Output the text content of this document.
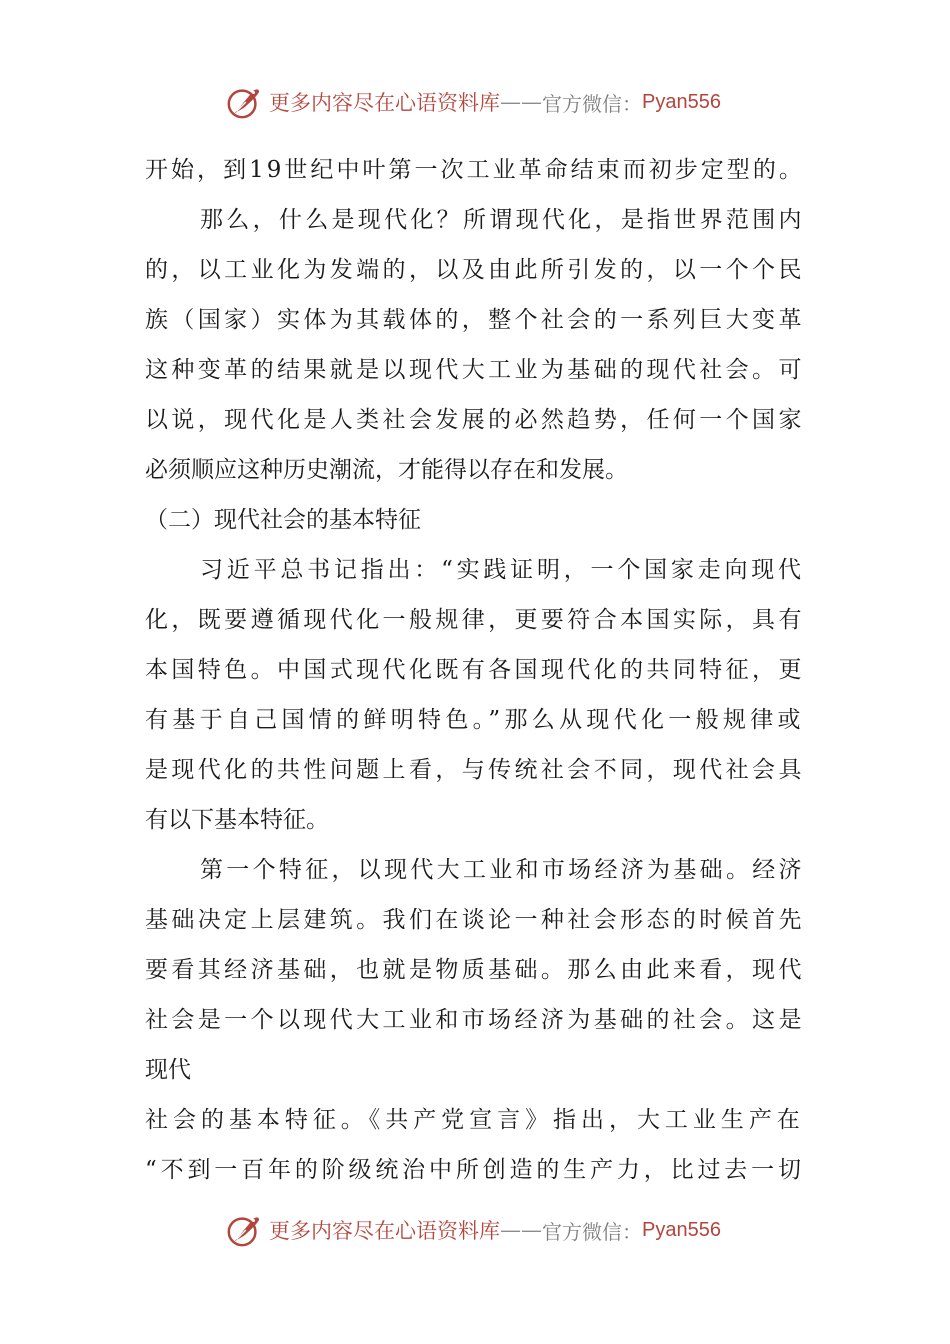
更多内容尽在心语资料库 —— 官方微信： Pyan556
开始，到19世纪中叶第一次工业革命结束而初步定型的。
那么，什么是现代化？所谓现代化，是指世界范围内
的，以工业化为发端的，以及由此所引发的，以一个个民
族（国家）实体为其载体的，整个社会的一系列巨大变革
这种变革的结果就是以现代大工业为基础的现代社会。可
以说，现代化是人类社会发展的必然趋势，任何一个国家
必须顺应这种历史潮流，才能得以存在和发展。
（二）现代社会的基本特征
习近平总书记指出：“实践证明，一个国家走向现代
化，既要遵循现代化一般规律，更要符合本国实际，具有
本国特色。中国式现代化既有各国现代化的共同特征，更
有基于自己国情的鲜明特色。”那么从现代化一般规律或
是现代化的共性问题上看，与传统社会不同，现代社会具
有以下基本特征。
第一个特征，以现代大工业和市场经济为基础。经济
基础决定上层建筑。我们在谈论一种社会形态的时候首先
要看其经济基础，也就是物质基础。那么由此来看，现代
社会是一个以现代大工业和市场经济为基础的社会。这是
现代
社会的基本特征。《共产党宣言》指出，大工业生产在
“不到一百年的阶级统治中所创造的生产力，比过去一切
更多内容尽在心语资料库 —— 官方微信： Pyan556
